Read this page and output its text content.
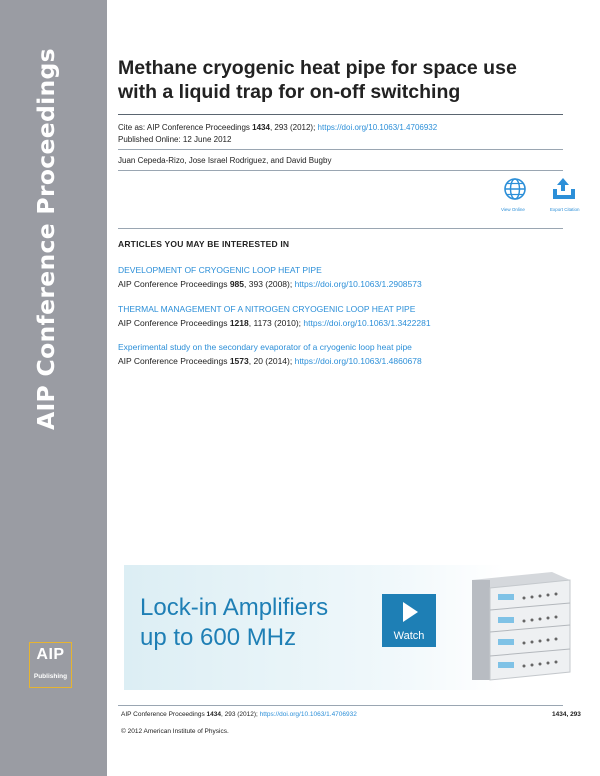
AIP Conference Proceedings
AIP
Publishing
Methane cryogenic heat pipe for space use
with a liquid trap for on-off switching
Cite as: AIP Conference Proceedings 1434, 293 (2012); https://doi.org/10.1063/1.4706932
Published Online: 12 June 2012
Juan Cepeda-Rizo, Jose Israel Rodriguez, and David Bugby
View Online	Export Citation
ARTICLES YOU MAY BE INTERESTED IN
DEVELOPMENT OF CRYOGENIC LOOP HEAT PIPE
AIP Conference Proceedings 985, 393 (2008); https://doi.org/10.1063/1.2908573
THERMAL MANAGEMENT OF A NITROGEN CRYOGENIC LOOP HEAT PIPE
AIP Conference Proceedings 1218, 1173 (2010); https://doi.org/10.1063/1.3422281
Experimental study on the secondary evaporator of a cryogenic loop heat pipe
AIP Conference Proceedings 1573, 20 (2014); https://doi.org/10.1063/1.4860678
Lock-in Amplifiers
up to 600 MHz	Watch
AIP Conference Proceedings 1434, 293 (2012); https://doi.org/10.1063/1.4706932	1434, 293
© 2012 American Institute of Physics.
